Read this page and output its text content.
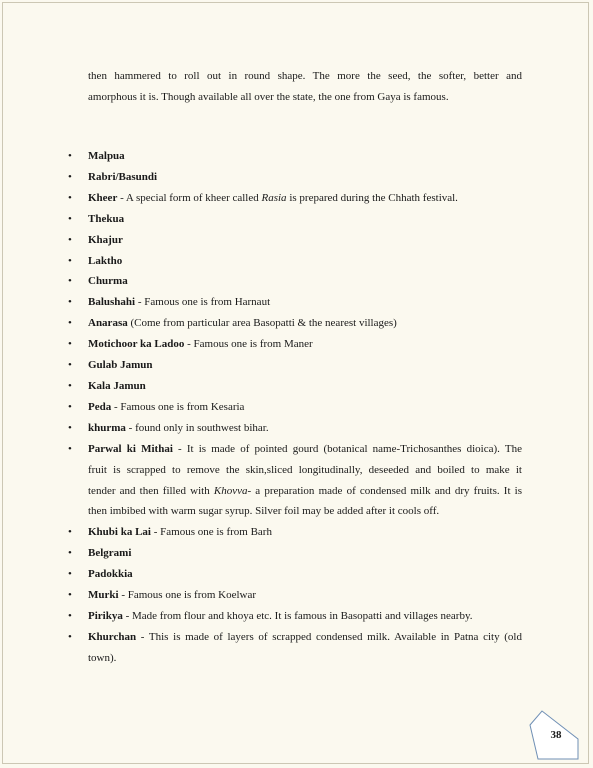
then hammered to roll out in round shape. The more the seed, the softer, better and
amorphous it is. Though available all over the state, the one from Gaya is famous.

• Malpua
• Rabri/Basundi
• Kheer - A special form of kheer called Rasia is prepared during the Chhath festival.
• Thekua
• Khajur
• Laktho
• Churma
• Balushahi - Famous one is from Harnaut
• Anarasa (Come from particular area Basopatti & the nearest villages)
• Motichoor ka Ladoo - Famous one is from Maner
• Gulab Jamun
• Kala Jamun
• Peda - Famous one is from Kesaria
• khurma - found only in southwest bihar.
• Parwal ki Mithai - It is made of pointed gourd (botanical name-Trichosanthes dioica). The
fruit is scrapped to remove the skin,sliced longitudinally, deseeded and boiled to make it
tender and then filled with Khovva- a preparation made of condensed milk and dry fruits. It is
then imbibed with warm sugar syrup. Silver foil may be added after it cools off.
• Khubi ka Lai - Famous one is from Barh
• Belgrami
• Padokkia
• Murki - Famous one is from Koelwar
• Pirikya - Made from flour and khoya etc. It is famous in Basopatti and villages nearby.
• Khurchan - This is made of layers of scrapped condensed milk. Available in Patna city (old town).
38
